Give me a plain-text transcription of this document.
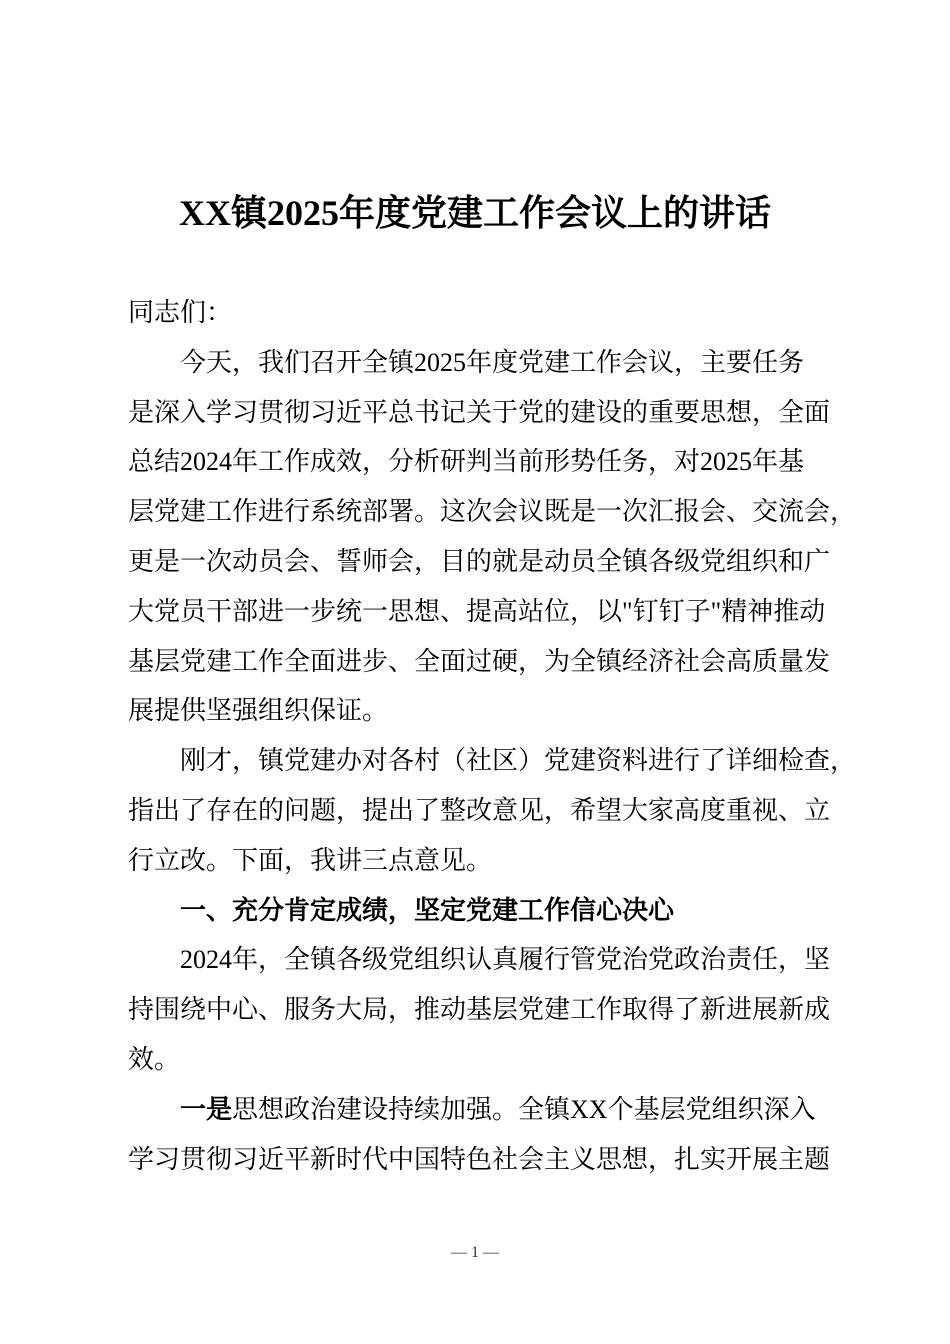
XX镇2025年度党建工作会议上的讲话
同志们：
今天，我们召开全镇2025年度党建工作会议，主要任务
是深入学习贯彻习近平总书记关于党的建设的重要思想，全面
总结2024年工作成效，分析研判当前形势任务，对2025年基
层党建工作进行系统部署。这次会议既是一次汇报会、交流会，
更是一次动员会、誓师会，目的就是动员全镇各级党组织和广
大党员干部进一步统一思想、提高站位，以"钉钉子"精神推动
基层党建工作全面进步、全面过硬，为全镇经济社会高质量发
展提供坚强组织保证。
刚才，镇党建办对各村（社区）党建资料进行了详细检查，
指出了存在的问题，提出了整改意见，希望大家高度重视、立
行立改。下面，我讲三点意见。
一、充分肯定成绩，坚定党建工作信心决心
2024年，全镇各级党组织认真履行管党治党政治责任，坚
持围绕中心、服务大局，推动基层党建工作取得了新进展新成
效。
一是思想政治建设持续加强。全镇XX个基层党组织深入
学习贯彻习近平新时代中国特色社会主义思想，扎实开展主题
— 1 —
